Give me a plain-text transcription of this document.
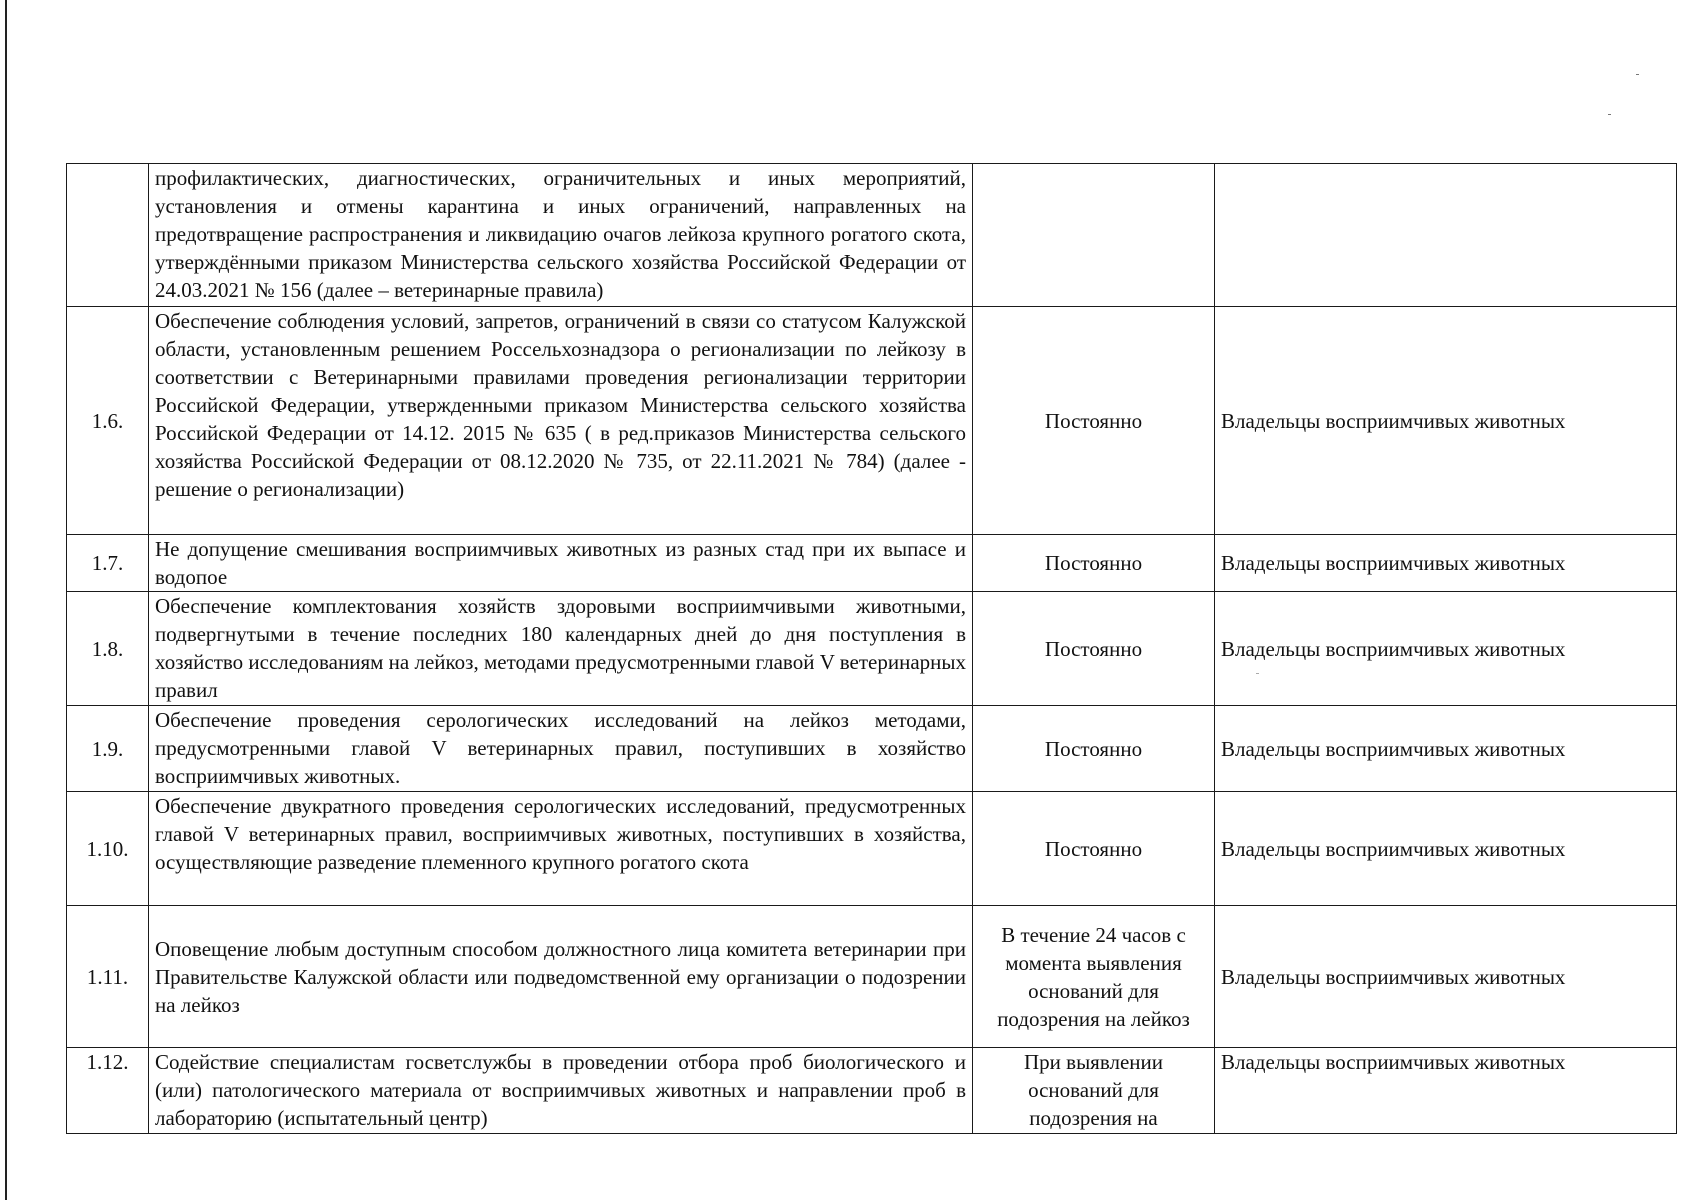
	профилактических, диагностических, ограничительных и иных мероприятий, установления и отмены карантина и иных ограничений, направленных на предотвращение распространения и ликвидацию очагов лейкоза крупного рогатого скота, утверждёнными приказом Министерства сельского хозяйства Российской Федерации от 24.03.2021 № 156 (далее – ветеринарные правила)		
1.6.	Обеспечение соблюдения условий, запретов, ограничений в связи со статусом Калужской области, установленным решением Россельхознадзора о регионализации по лейкозу в соответствии с Ветеринарными правилами проведения регионализации территории Российской Федерации, утвержденными приказом Министерства сельского хозяйства Российской Федерации от 14.12. 2015 № 635 ( в ред.приказов Министерства сельского хозяйства Российской Федерации от 08.12.2020 № 735, от 22.11.2021 № 784) (далее - решение о регионализации)	Постоянно	Владельцы восприимчивых животных
1.7.	Не допущение смешивания восприимчивых животных из разных стад при их выпасе и водопое	Постоянно	Владельцы восприимчивых животных
1.8.	Обеспечение комплектования хозяйств здоровыми восприимчивыми животными, подвергнутыми в течение последних 180 календарных дней до дня поступления в хозяйство исследованиям на лейкоз, методами предусмотренными главой V ветеринарных правил	Постоянно	Владельцы восприимчивых животных
1.9.	Обеспечение проведения серологических исследований на лейкоз методами, предусмотренными главой V ветеринарных правил, поступивших в хозяйство восприимчивых животных.	Постоянно	Владельцы восприимчивых животных
1.10.	Обеспечение двукратного проведения серологических исследований, предусмотренных главой V ветеринарных правил, восприимчивых животных, поступивших в хозяйства, осуществляющие разведение племенного крупного рогатого скота	Постоянно	Владельцы восприимчивых животных
1.11.	Оповещение любым доступным способом должностного лица комитета ветеринарии при Правительстве Калужской области или подведомственной ему организации о подозрении на лейкоз	В течение 24 часов с момента выявления оснований для подозрения на лейкоз	Владельцы восприимчивых животных
1.12.	Содействие специалистам госветслужбы в проведении отбора проб биологического и (или) патологического материала от восприимчивых животных и направлении проб в лабораторию (испытательный центр)	При выявлении оснований для подозрения на	Владельцы восприимчивых животных
